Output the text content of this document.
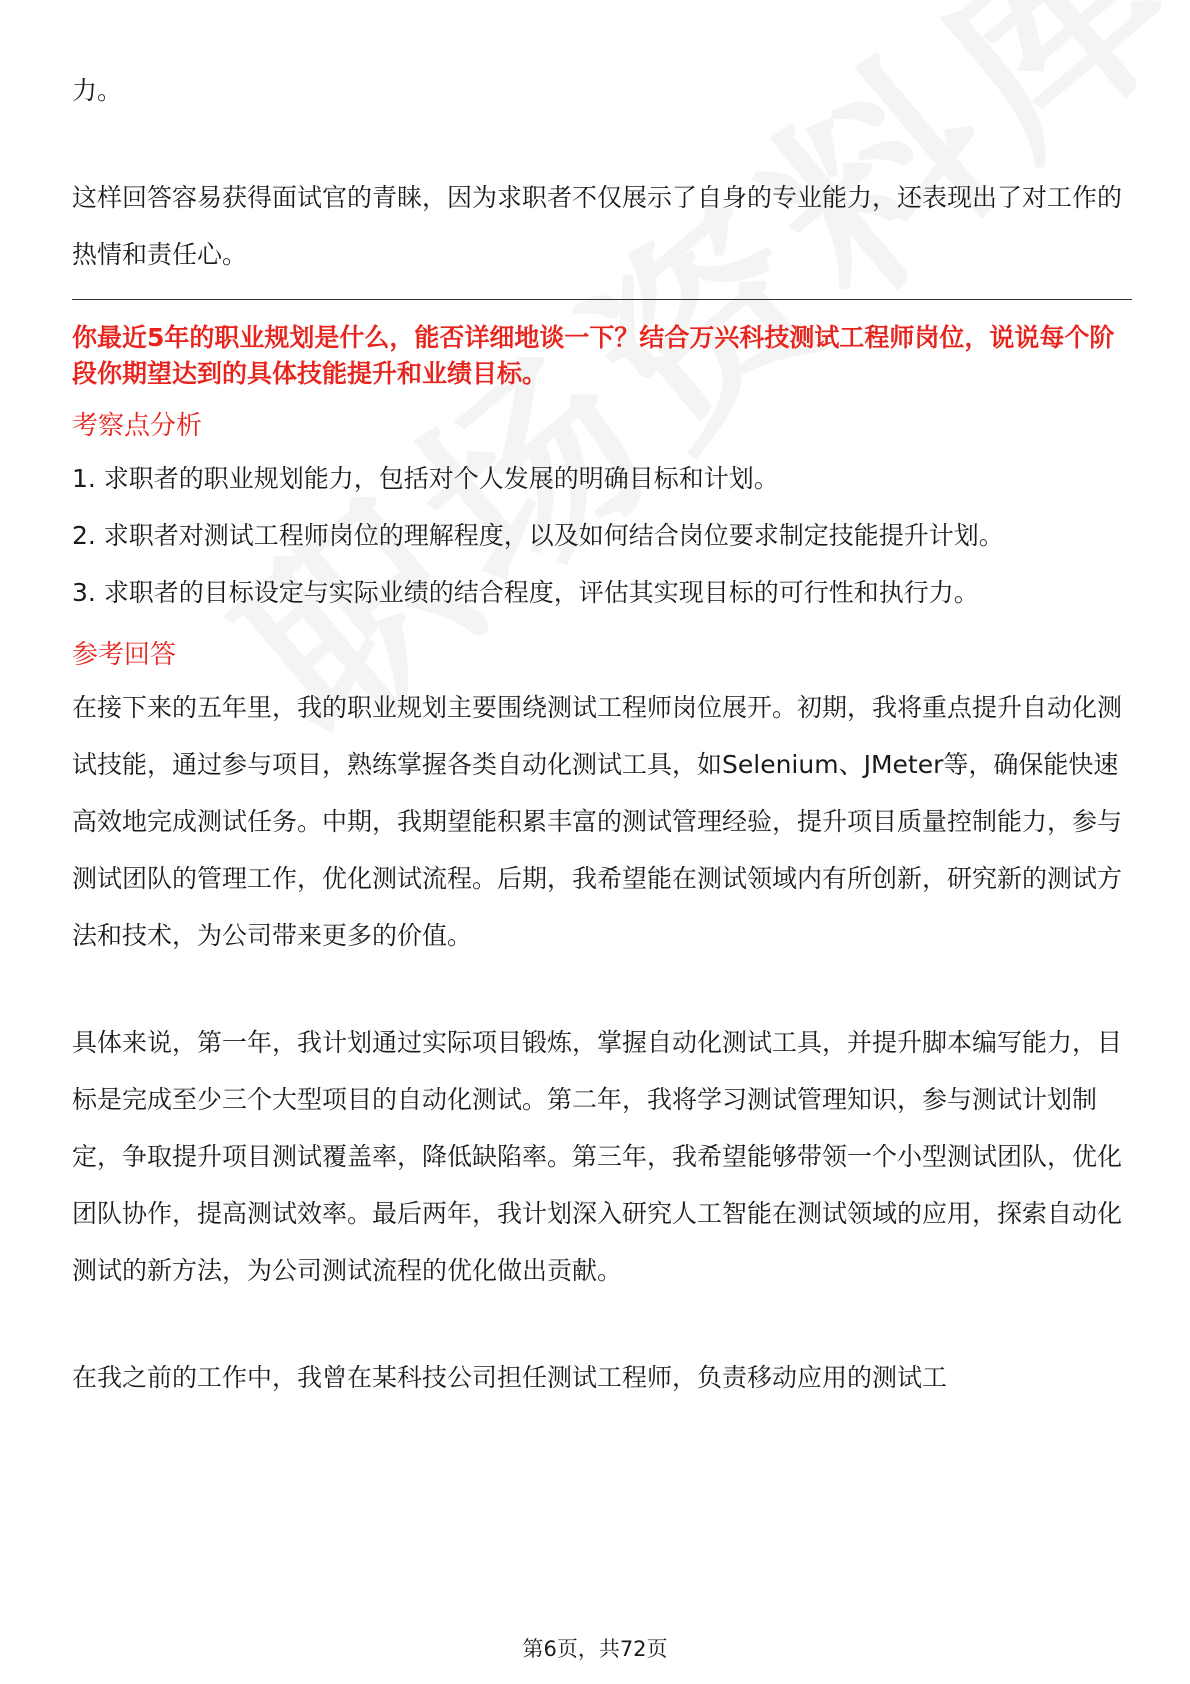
力。

这样回答容易获得面试官的青睐，因为求职者不仅展示了自身的专业能力，还表现出了对工作的热情和责任心。

你最近5年的职业规划是什么，能否详细地谈一下？结合万兴科技测试工程师岗位，说说每个阶段你期望达到的具体技能提升和业绩目标。

考察点分析

1. 求职者的职业规划能力，包括对个人发展的明确目标和计划。

2. 求职者对测试工程师岗位的理解程度，以及如何结合岗位要求制定技能提升计划。

3. 求职者的目标设定与实际业绩的结合程度，评估其实现目标的可行性和执行力。

参考回答

在接下来的五年里，我的职业规划主要围绕测试工程师岗位展开。初期，我将重点提升自动化测试技能，通过参与项目，熟练掌握各类自动化测试工具，如Selenium、JMeter等，确保能快速高效地完成测试任务。中期，我期望能积累丰富的测试管理经验，提升项目质量控制能力，参与测试团队的管理工作，优化测试流程。后期，我希望能在测试领域内有所创新，研究新的测试方法和技术，为公司带来更多的价值。

具体来说，第一年，我计划通过实际项目锻炼，掌握自动化测试工具，并提升脚本编写能力，目标是完成至少三个大型项目的自动化测试。第二年，我将学习测试管理知识，参与测试计划制定，争取提升项目测试覆盖率，降低缺陷率。第三年，我希望能够带领一个小型测试团队，优化团队协作，提高测试效率。最后两年，我计划深入研究人工智能在测试领域的应用，探索自动化测试的新方法，为公司测试流程的优化做出贡献。

在我之前的工作中，我曾在某科技公司担任测试工程师，负责移动应用的测试工

第6页，共72页
